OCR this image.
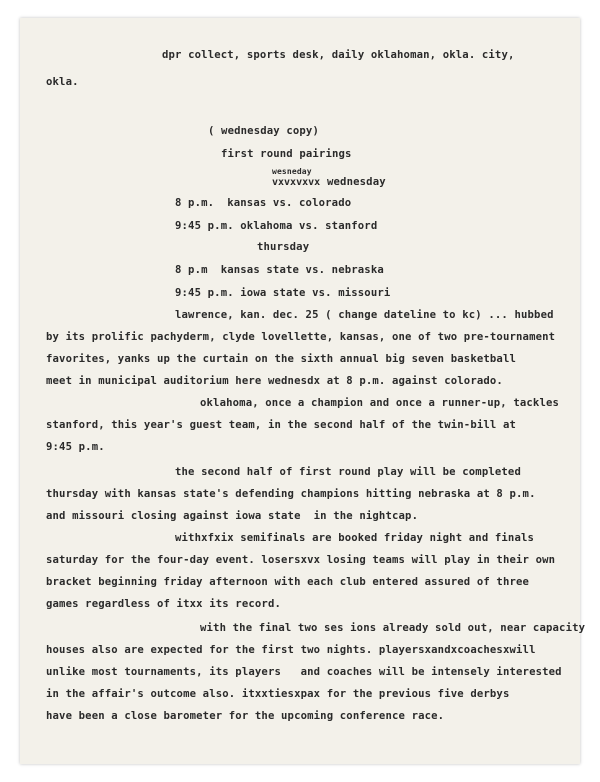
dpr collect, sports desk, daily oklahoman, okla. city,
okla.
( wednesday copy)
first round pairings
wesneday
vxvxvxvx wednesday
8 p.m.  kansas vs. colorado
9:45 p.m. oklahoma vs. stanford
thursday
8 p.m  kansas state vs. nebraska
9:45 p.m. iowa state vs. missouri
lawrence, kan. dec. 25 ( change dateline to kc) ... hubbed
by its prolific pachyderm, clyde lovellette, kansas, one of two pre-tournament
favorites, yanks up the curtain on the sixth annual big seven basketball
meet in municipal auditorium here wednesdx at 8 p.m. against colorado.
oklahoma, once a champion and once a runner-up, tackles
stanford, this year's guest team, in the second half of the twin-bill at
9:45 p.m.
the second half of first round play will be completed
thursday with kansas state's defending champions hitting nebraska at 8 p.m.
and missouri closing against iowa state  in the nightcap.
withxfxix semifinals are booked friday night and finals
saturday for the four-day event. losersxvx losing teams will play in their own
bracket beginning friday afternoon with each club entered assured of three
games regardless of itxx its record.
with the final two ses ions already sold out, near capacity
houses also are expected for the first two nights. playersxandxcoachesxwill
unlike most tournaments, its players   and coaches will be intensely interested
in the affair's outcome also. itxxtiesxpax for the previous five derbys
have been a close barometer for the upcoming conference race.
